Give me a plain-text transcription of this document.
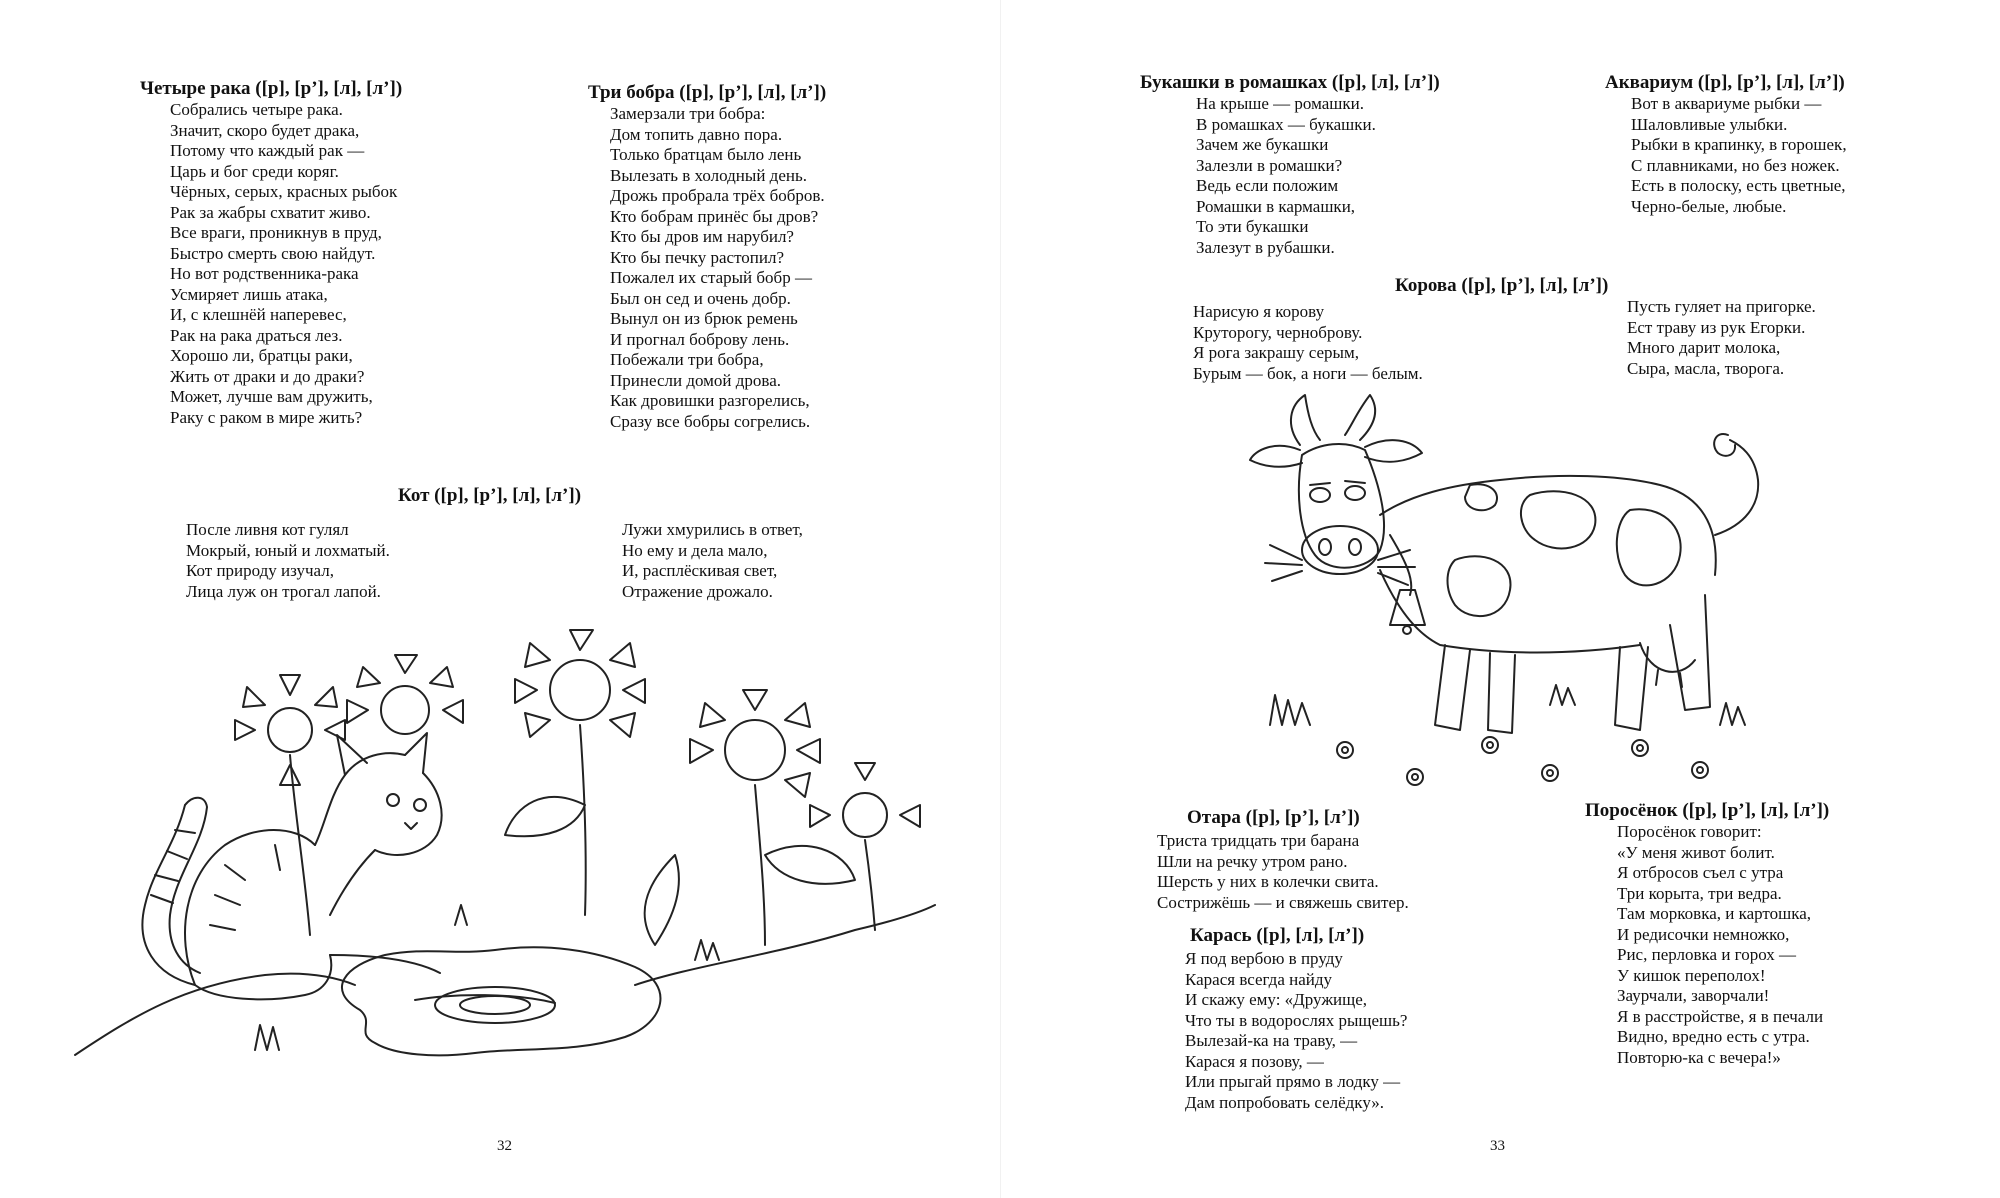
Четыре рака ([р], [р’], [л], [л’])
Собрались четыре рака.
Значит, скоро будет драка,
Потому что каждый рак —
Царь и бог среди коряг.
Чёрных, серых, красных рыбок
Рак за жабры схватит живо.
Все враги, проникнув в пруд,
Быстро смерть свою найдут.
Но вот родственника-рака
Усмиряет лишь атака,
И, с клешнёй наперевес,
Рак на рака драться лез.
Хорошо ли, братцы раки,
Жить от драки и до драки?
Может, лучше вам дружить,
Раку с раком в мире жить?
Три бобра ([р], [р’], [л], [л’])
Замерзали три бобра:
Дом топить давно пора.
Только братцам было лень
Вылезать в холодный день.
Дрожь пробрала трёх бобров.
Кто бобрам принёс бы дров?
Кто бы дров им нарубил?
Кто бы печку растопил?
Пожалел их старый бобр —
Был он сед и очень добр.
Вынул он из брюк ремень
И прогнал боброву лень.
Побежали три бобра,
Принесли домой дрова.
Как дровишки разгорелись,
Сразу все бобры согрелись.
Кот ([р], [р’], [л], [л’])
После ливня кот гулял
Мокрый, юный и лохматый.
Кот природу изучал,
Лица луж он трогал лапой.
Лужи хмурились в ответ,
Но ему и дела мало,
И, расплёскивая свет,
Отражение дрожало.
32
Букашки в ромашках ([р], [л], [л’])
На крыше — ромашки.
В ромашках — букашки.
Зачем же букашки
Залезли в ромашки?
Ведь если положим
Ромашки в кармашки,
То эти букашки
Залезут в рубашки.
Аквариум ([р], [р’], [л], [л’])
Вот в аквариуме рыбки —
Шаловливые улыбки.
Рыбки в крапинку, в горошек,
С плавниками, но без ножек.
Есть в полоску, есть цветные,
Черно-белые, любые.
Корова ([р], [р’], [л], [л’])
Нарисую я корову
Круторогу, черноброву.
Я рога закрашу серым,
Бурым — бок, а ноги — белым.
Пусть гуляет на пригорке.
Ест траву из рук Егорки.
Много дарит молока,
Сыра, масла, творога.
Отара ([р], [р’], [л’])
Триста тридцать три барана
Шли на речку утром рано.
Шерсть у них в колечки свита.
Сострижёшь — и свяжешь свитер.
Карась ([р], [л], [л’])
Я под вербою в пруду
Карася всегда найду
И скажу ему: «Дружище,
Что ты в водорослях рыщешь?
Вылезай-ка на траву, —
Карася я позову, —
Или прыгай прямо в лодку —
Дам попробовать селёдку».
Поросёнок ([р], [р’], [л], [л’])
Поросёнок говорит:
«У меня живот болит.
Я отбросов съел с утра
Три корыта, три ведра.
Там морковка, и картошка,
И редисочки немножко,
Рис, перловка и горох —
У кишок переполох!
Заурчали, заворчали!
Я в расстройстве, я в печали
Видно, вредно есть с утра.
Повторю-ка с вечера!»
33
